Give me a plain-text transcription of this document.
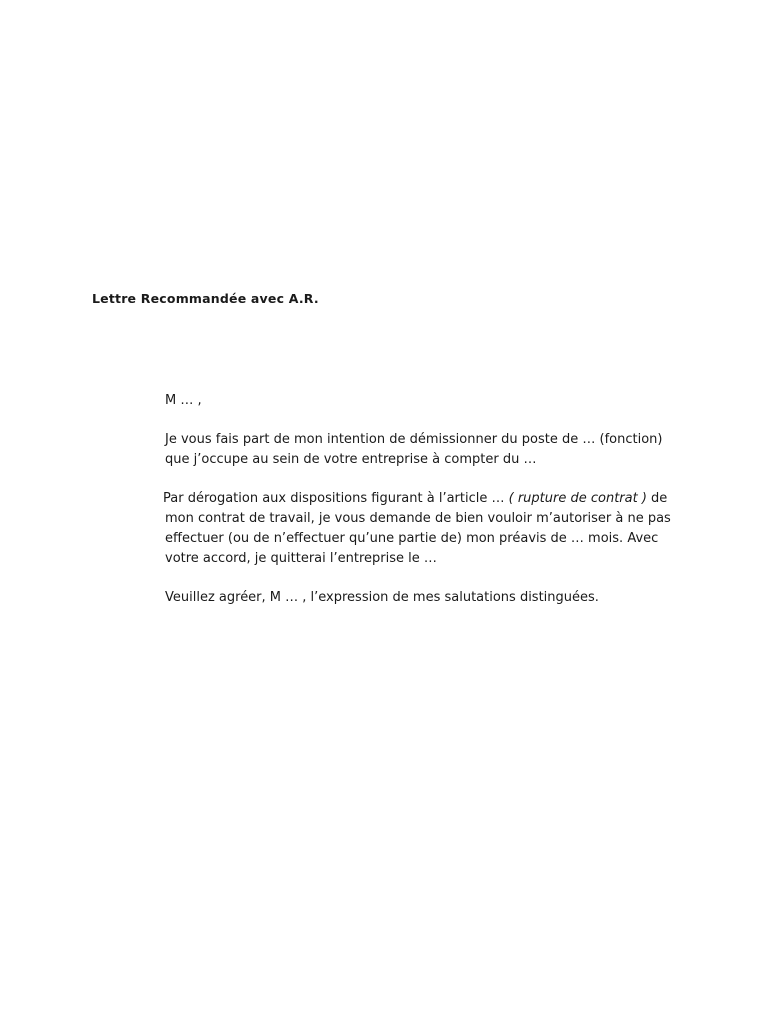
Lettre Recommandée avec A.R.

M … ,

Je vous fais part de mon intention de démissionner du poste de … (fonction)
que j’occupe au sein de votre entreprise à compter du …

Par dérogation aux dispositions figurant à l’article … ( rupture de contrat ) de
mon contrat de travail, je vous demande de bien vouloir m’autoriser à ne pas
effectuer (ou de n’effectuer qu’une partie de) mon préavis de … mois. Avec
votre accord, je quitterai l’entreprise le …

Veuillez agréer, M … , l’expression de mes salutations distinguées.
